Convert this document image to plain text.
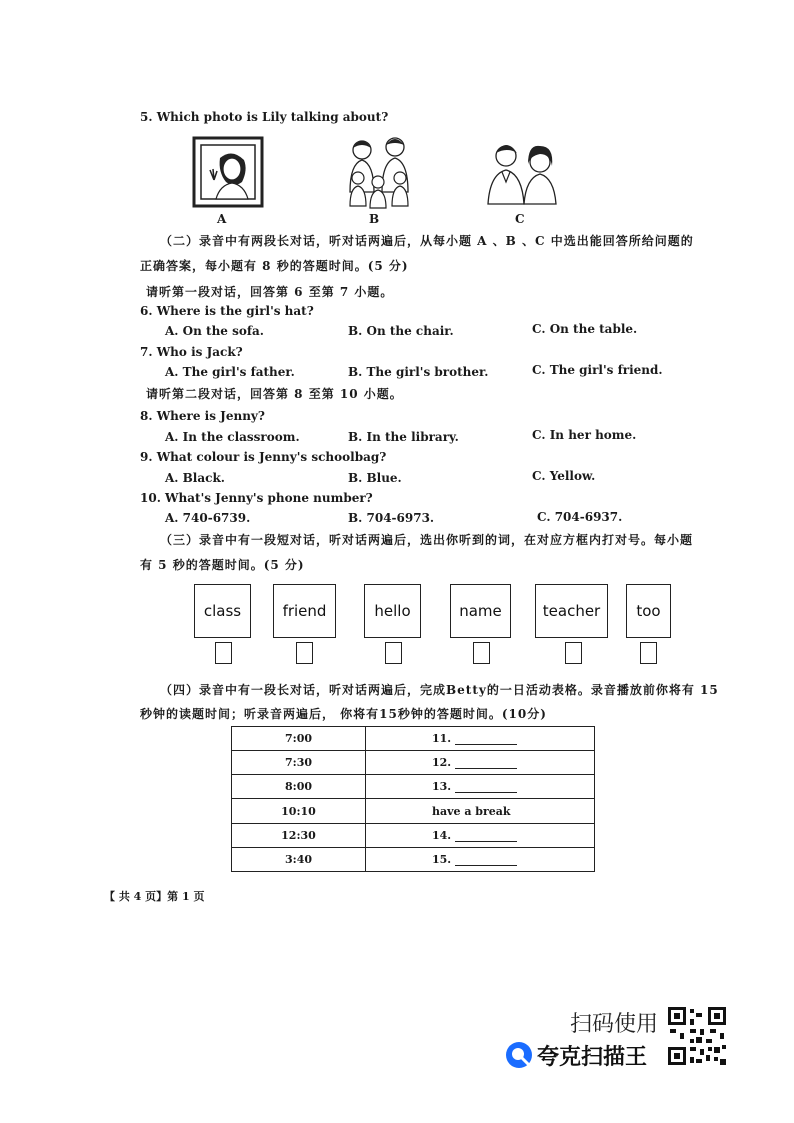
5. Which photo is Lily talking about?
A	B	C
（二）录音中有两段长对话，听对话两遍后，从每小题 A 、B 、C 中选出能回答所给问题的
正确答案，每小题有 8 秒的答题时间。(5 分)
请听第一段对话，回答第 6 至第 7 小题。
6. Where is the girl's hat?
A. On the sofa.	B. On the chair.	C. On the table.
7. Who is Jack?
A. The girl's father.	B. The girl's brother.	C. The girl's friend.
请听第二段对话，回答第 8 至第 10 小题。
8. Where is Jenny?
A. In the classroom.	B. In the library.	C. In her home.
9. What colour is Jenny's schoolbag?
A. Black.	B. Blue.	C. Yellow.
10. What's Jenny's phone number?
A. 740-6739.	B. 704-6973.	C. 704-6937.
（三）录音中有一段短对话，听对话两遍后，选出你听到的词，在对应方框内打对号。每小题
有 5 秒的答题时间。(5 分)
class	friend	hello	name	teacher	too
（四）录音中有一段长对话，听对话两遍后，完成Betty的一日活动表格。录音播放前你将有 15
秒钟的读题时间；听录音两遍后， 你将有15秒钟的答题时间。(10分)
7:00	11.
7:30	12.
8:00	13.
10:10	have a break
12:30	14.
3:40	15.
【 共 4 页】第 1 页
扫码使用
夸克扫描王
